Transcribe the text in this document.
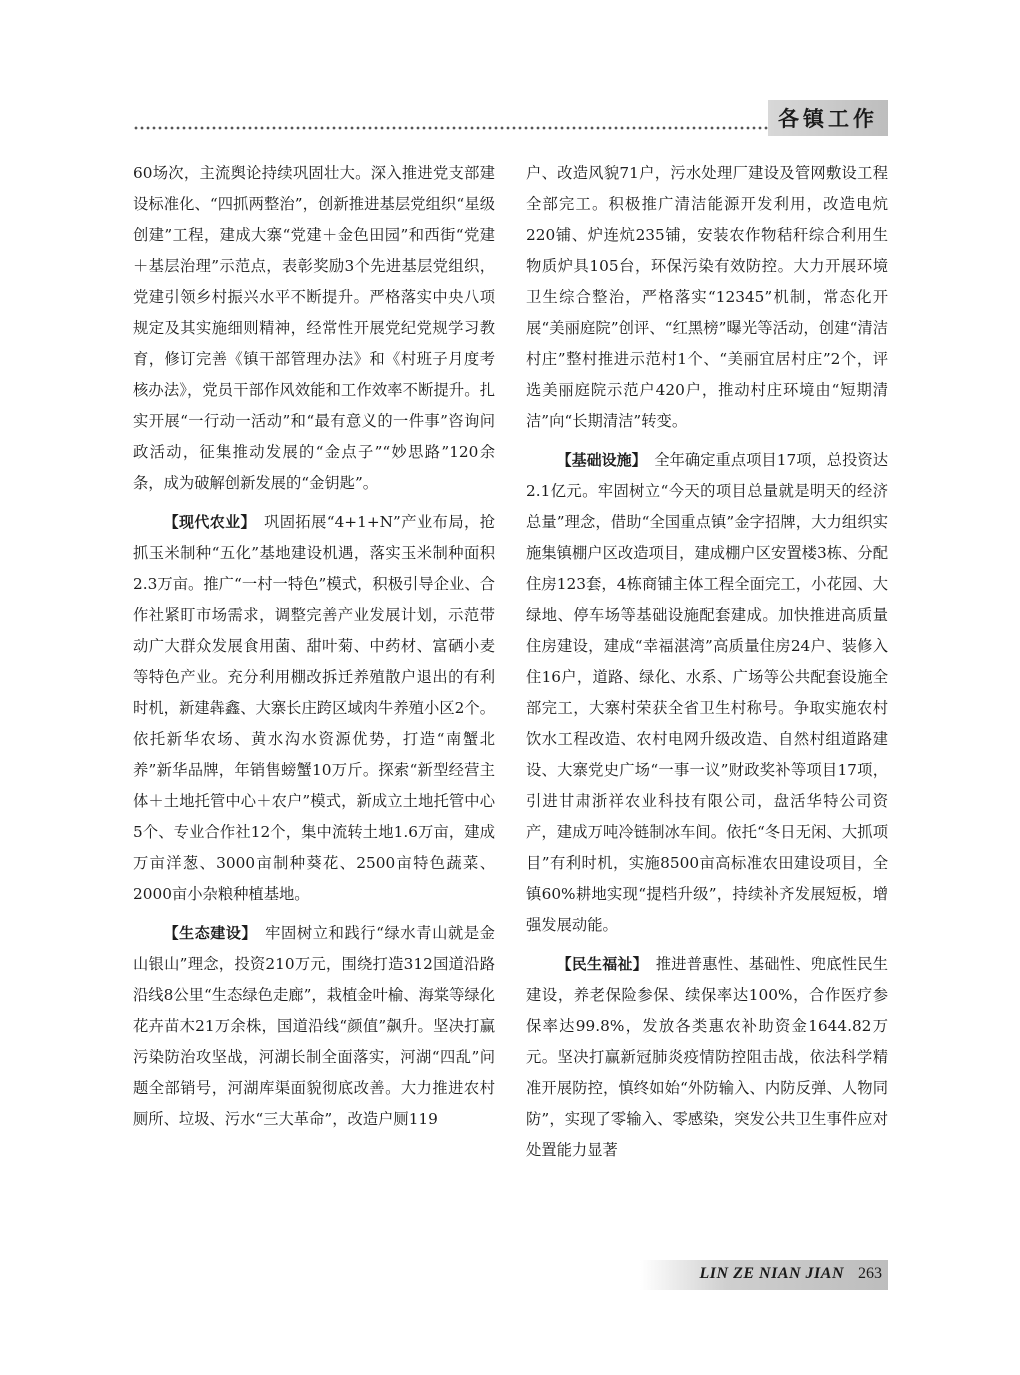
各镇工作

60场次，主流舆论持续巩固壮大。深入推进党支部建设标准化、“四抓两整治”，创新推进基层党组织“星级创建”工程，建成大寨“党建＋金色田园”和西街“党建＋基层治理”示范点，表彰奖励3个先进基层党组织，党建引领乡村振兴水平不断提升。严格落实中央八项规定及其实施细则精神，经常性开展党纪党规学习教育，修订完善《镇干部管理办法》和《村班子月度考核办法》，党员干部作风效能和工作效率不断提升。扎实开展“一行动一活动”和“最有意义的一件事”咨询问政活动，征集推动发展的“金点子”“妙思路”120余条，成为破解创新发展的“金钥匙”。

【现代农业】  巩固拓展“4+1+N”产业布局，抢抓玉米制种“五化”基地建设机遇，落实玉米制种面积2.3万亩。推广“一村一特色”模式，积极引导企业、合作社紧盯市场需求，调整完善产业发展计划，示范带动广大群众发展食用菌、甜叶菊、中药材、富硒小麦等特色产业。充分利用棚改拆迁养殖散户退出的有利时机，新建犇鑫、大寨长庄跨区域肉牛养殖小区2个。依托新华农场、黄水沟水资源优势，打造“南蟹北养”新华品牌，年销售螃蟹10万斤。探索“新型经营主体＋土地托管中心＋农户”模式，新成立土地托管中心5个、专业合作社12个，集中流转土地1.6万亩，建成万亩洋葱、3000亩制种葵花、2500亩特色蔬菜、2000亩小杂粮种植基地。

【生态建设】  牢固树立和践行“绿水青山就是金山银山”理念，投资210万元，围绕打造312国道沿路沿线8公里“生态绿色走廊”，栽植金叶榆、海棠等绿化花卉苗木21万余株，国道沿线“颜值”飙升。坚决打赢污染防治攻坚战，河湖长制全面落实，河湖“四乱”问题全部销号，河湖库渠面貌彻底改善。大力推进农村厕所、垃圾、污水“三大革命”，改造户厕119

户、改造风貌71户，污水处理厂建设及管网敷设工程全部完工。积极推广清洁能源开发利用，改造电炕220铺、炉连炕235铺，安装农作物秸秆综合利用生物质炉具105台，环保污染有效防控。大力开展环境卫生综合整治，严格落实“12345”机制，常态化开展“美丽庭院”创评、“红黑榜”曝光等活动，创建“清洁村庄”整村推进示范村1个、“美丽宜居村庄”2个，评选美丽庭院示范户420户，推动村庄环境由“短期清洁”向“长期清洁”转变。

【基础设施】  全年确定重点项目17项，总投资达2.1亿元。牢固树立“今天的项目总量就是明天的经济总量”理念，借助“全国重点镇”金字招牌，大力组织实施集镇棚户区改造项目，建成棚户区安置楼3栋、分配住房123套，4栋商铺主体工程全面完工，小花园、大绿地、停车场等基础设施配套建成。加快推进高质量住房建设，建成“幸福湛湾”高质量住房24户、装修入住16户，道路、绿化、水系、广场等公共配套设施全部完工，大寨村荣获全省卫生村称号。争取实施农村饮水工程改造、农村电网升级改造、自然村组道路建设、大寨党史广场“一事一议”财政奖补等项目17项，引进甘肃浙祥农业科技有限公司，盘活华特公司资产，建成万吨冷链制冰车间。依托“冬日无闲、大抓项目”有利时机，实施8500亩高标准农田建设项目，全镇60%耕地实现“提档升级”，持续补齐发展短板，增强发展动能。

【民生福祉】  推进普惠性、基础性、兜底性民生建设，养老保险参保、续保率达100%，合作医疗参保率达99.8%，发放各类惠农补助资金1644.82万元。坚决打赢新冠肺炎疫情防控阻击战，依法科学精准开展防控，慎终如始“外防输入、内防反弹、人物同防”，实现了零输入、零感染，突发公共卫生事件应对处置能力显著

LIN ZE NIAN JIAN 263
